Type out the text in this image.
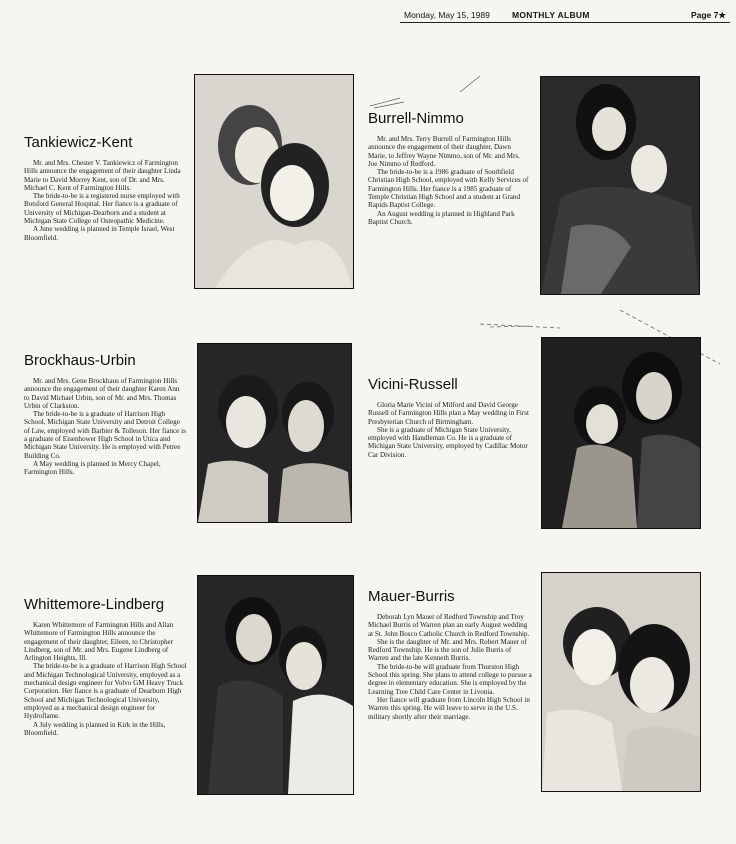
Monday, May 15, 1989	MONTHLY ALBUM	Page 7★
Tankiewicz-Kent

Mr. and Mrs. Chester V. Tankiewicz of Farmington Hills announce the engagement of their daughter Linda Marie to David Morrey Kent, son of Dr. and Mrs. Michael C. Kent of Farmington Hills.

The bride-to-be is a registered nurse employed with Botsford General Hospital. Her fiance is a graduate of University of Michigan-Dearborn and a student at Michigan State College of Osteopathic Medicine.

A June wedding is planned in Temple Israel, West Bloomfield.

Burrell-Nimmo

Mr. and Mrs. Terry Burrell of Farmington Hills announce the engagement of their daughter, Dawn Marie, to Jeffrey Wayne Nimmo, son of Mr. and Mrs. Joe Nimmo of Redford.

The bride-to-be is a 1986 graduate of Southfield Christian High School, employed with Kelly Services of Farmington Hills. Her fiance is a 1985 graduate of Temple Christian High School and a student at Grand Rapids Baptist College.

An August wedding is planned in Highland Park Baptist Church.

Brockhaus-Urbin

Mr. and Mrs. Gene Brockhaus of Farmington Hills announce the engagement of their daughter Karen Ann to David Michael Urbin, son of Mr. and Mrs. Thomas Urbin of Clarkston.

The bride-to-be is a graduate of Harrison High School, Michigan State University and Detroit College of Law, employed with Barbier & Tolleson. Her fiance is a graduate of Eisenhower High School in Utica and Michigan State University. He is employed with Petree Building Co.

A May wedding is planned in Mercy Chapel, Farmington Hills.

Vicini-Russell

Gloria Marie Vicini of Milford and David George Russell of Farmington Hills plan a May wedding in First Presbyterian Church of Birmingham.

She is a graduate of Michigan State University, employed with Handleman Co. He is a graduate of Michigan State University, employed by Cadillac Motor Car Division.

Whittemore-Lindberg

Karen Whittemore of Farmington Hills and Allan Whittemore of Farmington Hills announce the engagement of their daughter, Eileen, to Christopher Lindberg, son of Mr. and Mrs. Eugene Lindberg of Arlington Heights, Ill.

The bride-to-be is a graduate of Harrison High School and Michigan Technological University, employed as a mechanical design engineer for Volvo GM Heavy Truck Corporation. Her fiance is a graduate of Dearborn High School and Michigan Technological University, employed as a mechanical design engineer for Hydroflame.

A July wedding is planned in Kirk in the Hills, Bloomfield.

Mauer-Burris

Deborah Lyn Mauer of Redford Township and Troy Michael Burris of Warren plan an early August wedding at St. John Bosco Catholic Church in Redford Township.

She is the daughter of Mr. and Mrs. Robert Mauer of Redford Township. He is the son of Julie Burris of Warren and the late Kenneth Burris.

The bride-to-be will graduate from Thurston High School this spring. She plans to attend college to pursue a degree in elementary education. She is employed by the Learning Tree Child Care Center in Livonia.

Her fiance will graduate from Lincoln High School in Warren this spring. He will leave to serve in the U.S. military shortly after their marriage.
